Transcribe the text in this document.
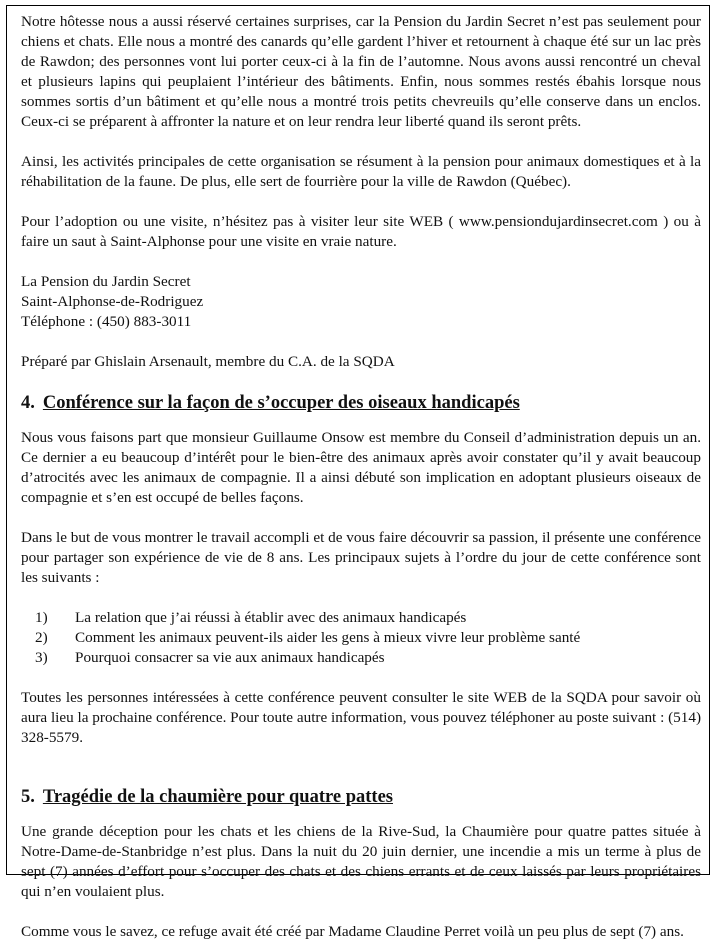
Notre hôtesse nous a aussi réservé certaines surprises, car la Pension du Jardin Secret n’est pas seulement pour chiens et chats. Elle nous a montré des canards qu’elle gardent l’hiver et retournent à chaque été sur un lac près de Rawdon; des personnes vont lui porter ceux-ci à la fin de l’automne. Nous avons aussi rencontré un cheval et plusieurs lapins qui peuplaient l’intérieur des bâtiments. Enfin, nous sommes restés ébahis lorsque nous sommes sortis d’un bâtiment et qu’elle nous a montré trois petits chevreuils qu’elle conserve dans un enclos. Ceux-ci se préparent à affronter la nature et on leur rendra leur liberté quand ils seront prêts.

Ainsi, les activités principales de cette organisation se résument à la pension pour animaux domestiques et à la réhabilitation de la faune. De plus, elle sert de fourrière pour la ville de Rawdon (Québec).

Pour l’adoption ou une visite, n’hésitez pas à visiter leur site WEB ( www.pensiondujardinsecret.com ) ou à faire un saut à Saint-Alphonse pour une visite en vraie nature.

La Pension du Jardin Secret

Saint-Alphonse-de-Rodriguez

Téléphone : (450) 883-3011

Préparé par Ghislain Arsenault, membre du C.A. de la SQDA

4. Conférence sur la façon de s’occuper des oiseaux handicapés

Nous vous faisons part que monsieur Guillaume Onsow est membre du Conseil d’administration depuis un an. Ce dernier a eu beaucoup d’intérêt pour le bien-être des animaux après avoir constater qu’il y avait beaucoup d’atrocités avec les animaux de compagnie. Il a ainsi débuté son implication en adoptant plusieurs oiseaux de compagnie et s’en est occupé de belles façons.

Dans le but de vous montrer le travail accompli et de vous faire découvrir sa passion, il présente une conférence pour partager son expérience de vie de 8 ans. Les principaux sujets à l’ordre du jour de cette conférence sont les suivants :

1)	La relation que j’ai réussi à établir avec des animaux handicapés
2)	Comment les animaux peuvent-ils aider les gens à mieux vivre leur problème santé
3)	Pourquoi consacrer sa vie aux animaux handicapés

Toutes les personnes intéressées à cette conférence peuvent consulter le site WEB de la SQDA pour savoir où aura lieu la prochaine conférence. Pour toute autre information, vous pouvez téléphoner au poste suivant : (514) 328-5579.

5. Tragédie de la chaumière pour quatre pattes

Une grande déception pour les chats et les chiens de la Rive-Sud, la Chaumière pour quatre pattes située à Notre-Dame-de-Stanbridge n’est plus. Dans la nuit du 20 juin dernier, une incendie a mis un terme à plus de sept (7) années d’effort pour s’occuper des chats et des chiens errants et de ceux laissés par leurs propriétaires qui n’en voulaient plus.

Comme vous le savez, ce refuge avait été créé par Madame Claudine Perret voilà un peu plus de sept (7) ans.
